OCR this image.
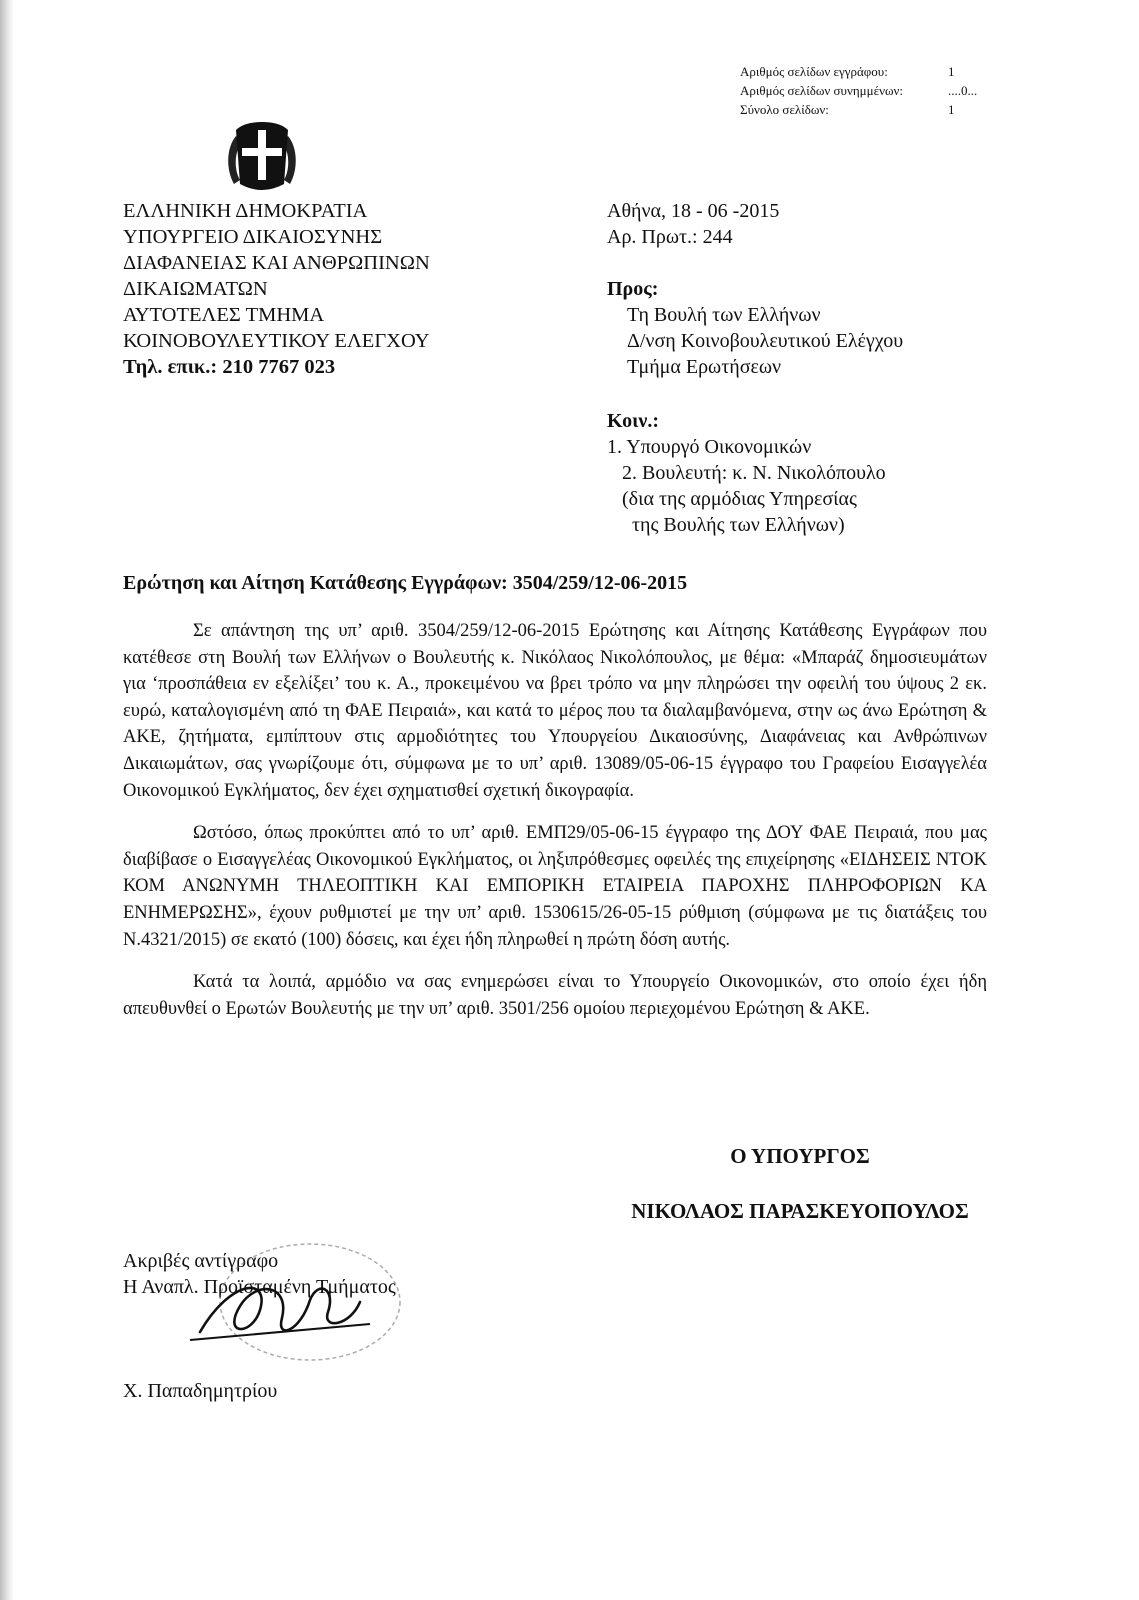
Αριθμός σελίδων εγγράφου:	1
Αριθμός σελίδων συνημμένων:	....0...
Σύνολο σελίδων:	1
ΕΛΛΗΝΙΚΗ ΔΗΜΟΚΡΑΤΙΑ
ΥΠΟΥΡΓΕΙΟ ΔΙΚΑΙΟΣΥΝΗΣ
ΔΙΑΦΑΝΕΙΑΣ ΚΑΙ ΑΝΘΡΩΠΙΝΩΝ
ΔΙΚΑΙΩΜΑΤΩΝ
ΑΥΤΟΤΕΛΕΣ ΤΜΗΜΑ
ΚΟΙΝΟΒΟΥΛΕΥΤΙΚΟΥ ΕΛΕΓΧΟΥ
Τηλ. επικ.: 210 7767 023
Αθήνα, 18 - 06 -2015
Αρ. Πρωτ.: 244
Προς:
Τη Βουλή των Ελλήνων
Δ/νση Κοινοβουλευτικού Ελέγχου
Τμήμα Ερωτήσεων
Κοιν.:
1. Υπουργό Οικονομικών
2. Βουλευτή: κ. Ν. Νικολόπουλο
(δια της αρμόδιας Υπηρεσίας
της Βουλής των Ελλήνων)
Ερώτηση και Αίτηση Κατάθεσης Εγγράφων: 3504/259/12-06-2015

Σε απάντηση της υπ’ αριθ. 3504/259/12-06-2015 Ερώτησης και Αίτησης Κατάθεσης Εγγράφων που κατέθεσε στη Βουλή των Ελλήνων ο Βουλευτής κ. Νικόλαος Νικολόπουλος, με θέμα: «Μπαράζ δημοσιευμάτων για ‘προσπάθεια εν εξελίξει’ του κ. Α., προκειμένου να βρει τρόπο να μην πληρώσει την οφειλή του ύψους 2 εκ. ευρώ, καταλογισμένη από τη ΦΑΕ Πειραιά», και κατά το μέρος που τα διαλαμβανόμενα, στην ως άνω Ερώτηση & ΑΚΕ, ζητήματα, εμπίπτουν στις αρμοδιότητες του Υπουργείου Δικαιοσύνης, Διαφάνειας και Ανθρώπινων Δικαιωμάτων, σας γνωρίζουμε ότι, σύμφωνα με το υπ’ αριθ. 13089/05-06-15 έγγραφο του Γραφείου Εισαγγελέα Οικονομικού Εγκλήματος, δεν έχει σχηματισθεί σχετική δικογραφία.

Ωστόσο, όπως προκύπτει από το υπ’ αριθ. ΕΜΠ29/05-06-15 έγγραφο της ΔΟΥ ΦΑΕ Πειραιά, που μας διαβίβασε ο Εισαγγελέας Οικονομικού Εγκλήματος, οι ληξιπρόθεσμες οφειλές της επιχείρησης «ΕΙΔΗΣΕΙΣ ΝΤΟΚ ΚΟΜ ΑΝΩΝΥΜΗ ΤΗΛΕΟΠΤΙΚΗ ΚΑΙ ΕΜΠΟΡΙΚΗ ΕΤΑΙΡΕΙΑ ΠΑΡΟΧΗΣ ΠΛΗΡΟΦΟΡΙΩΝ ΚΑ ΕΝΗΜΕΡΩΣΗΣ», έχουν ρυθμιστεί με την υπ’ αριθ. 1530615/26-05-15 ρύθμιση (σύμφωνα με τις διατάξεις του Ν.4321/2015) σε εκατό (100) δόσεις, και έχει ήδη πληρωθεί η πρώτη δόση αυτής.

Κατά τα λοιπά, αρμόδιο να σας ενημερώσει είναι το Υπουργείο Οικονομικών, στο οποίο έχει ήδη απευθυνθεί ο Ερωτών Βουλευτής με την υπ’ αριθ. 3501/256 ομοίου περιεχομένου Ερώτηση & ΑΚΕ.

Ο ΥΠΟΥΡΓΟΣ
ΝΙΚΟΛΑΟΣ ΠΑΡΑΣΚΕΥΟΠΟΥΛΟΣ
Ακριβές αντίγραφο
Η Αναπλ. Προϊσταμένη Τμήματος
Χ. Παπαδημητρίου
